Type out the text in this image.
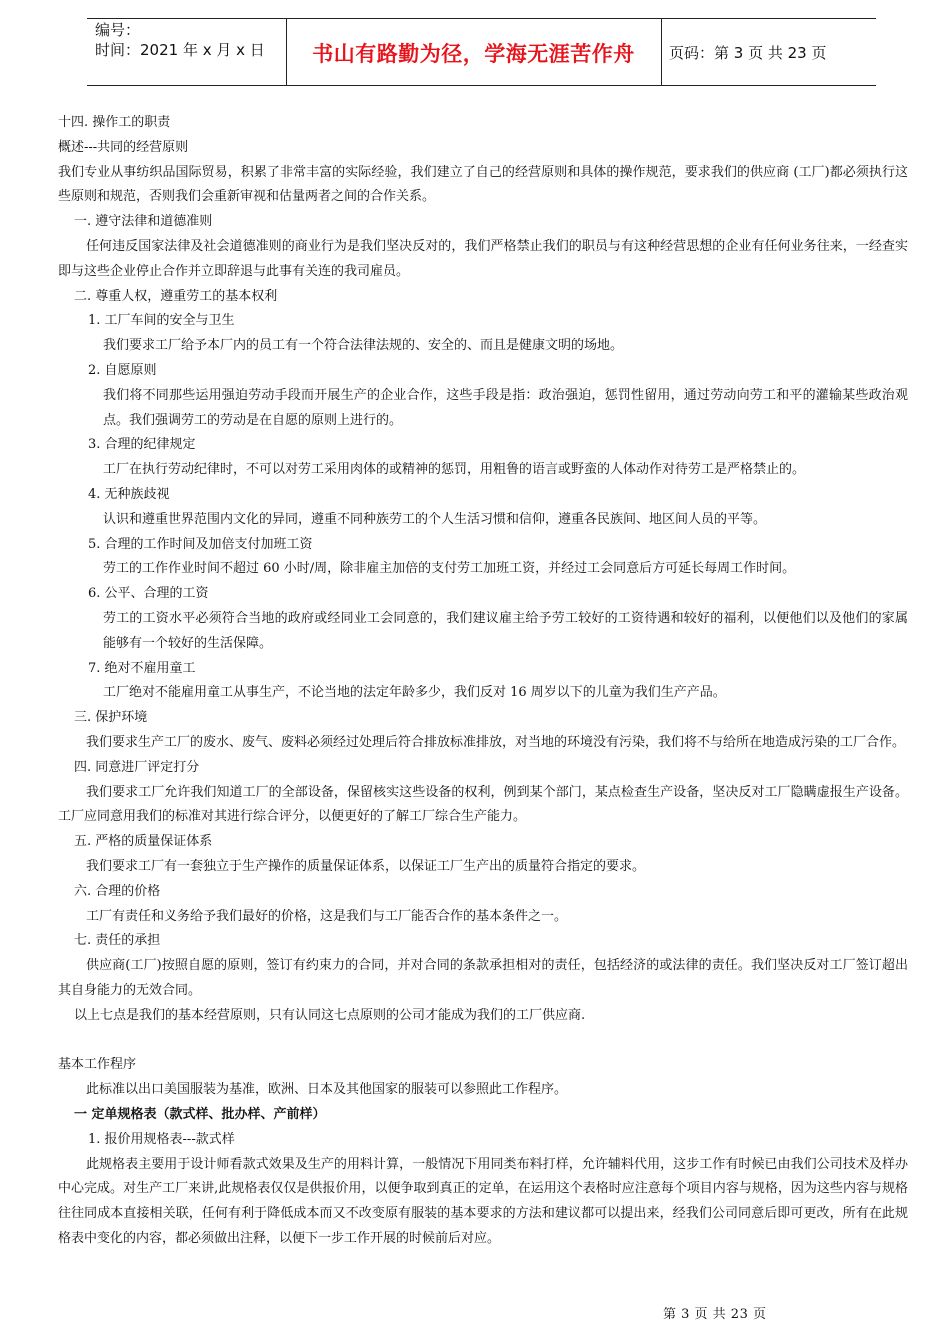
编号：
时间：2021 年 x 月 x 日	书山有路勤为径，学海无涯苦作舟	页码：第 3 页 共 23 页

十四. 操作工的职责

概述---共同的经营原则

我们专业从事纺织品国际贸易，积累了非常丰富的实际经验，我们建立了自己的经营原则和具体的操作规范，要求我们的供应商 (工厂)都必须执行这些原则和规范，否则我们会重新审视和估量两者之间的合作关系。

一. 遵守法律和道德准则

任何违反国家法律及社会道德准则的商业行为是我们坚决反对的，我们严格禁止我们的职员与有这种经营思想的企业有任何业务往来，一经查实即与这些企业停止合作并立即辞退与此事有关连的我司雇员。

二. 尊重人权，遵重劳工的基本权利

1. 工厂车间的安全与卫生

我们要求工厂给予本厂内的员工有一个符合法律法规的、安全的、而且是健康文明的场地。

2. 自愿原则

我们将不同那些运用强迫劳动手段而开展生产的企业合作，这些手段是指：政治强迫，惩罚性留用，通过劳动向劳工和平的灌输某些政治观点。我们强调劳工的劳动是在自愿的原则上进行的。

3. 合理的纪律规定

工厂在执行劳动纪律时，不可以对劳工采用肉体的或精神的惩罚，用粗鲁的语言或野蛮的人体动作对待劳工是严格禁止的。

4. 无种族歧视

认识和遵重世界范围内文化的异同，遵重不同种族劳工的个人生活习惯和信仰，遵重各民族间、地区间人员的平等。

5. 合理的工作时间及加倍支付加班工资

劳工的工作作业时间不超过 60 小时/周，除非雇主加倍的支付劳工加班工资，并经过工会同意后方可延长每周工作时间。

6. 公平、合理的工资

劳工的工资水平必须符合当地的政府或经同业工会同意的，我们建议雇主给予劳工较好的工资待遇和较好的福利，以便他们以及他们的家属能够有一个较好的生活保障。

7. 绝对不雇用童工

工厂绝对不能雇用童工从事生产，不论当地的法定年龄多少，我们反对 16 周岁以下的儿童为我们生产产品。

三. 保护环境

我们要求生产工厂的废水、废气、废料必须经过处理后符合排放标准排放，对当地的环境没有污染，我们将不与给所在地造成污染的工厂合作。

四. 同意进厂评定打分

我们要求工厂允许我们知道工厂的全部设备，保留核实这些设备的权利，例到某个部门，某点检查生产设备，坚决反对工厂隐瞒虚报生产设备。工厂应同意用我们的标准对其进行综合评分，以便更好的了解工厂综合生产能力。

五. 严格的质量保证体系

我们要求工厂有一套独立于生产操作的质量保证体系，以保证工厂生产出的质量符合指定的要求。

六. 合理的价格

工厂有责任和义务给予我们最好的价格，这是我们与工厂能否合作的基本条件之一。

七. 责任的承担

供应商(工厂)按照自愿的原则，签订有约束力的合同，并对合同的条款承担相对的责任，包括经济的或法律的责任。我们坚决反对工厂签订超出其自身能力的无效合同。

以上七点是我们的基本经营原则，只有认同这七点原则的公司才能成为我们的工厂供应商.

基本工作程序

此标准以出口美国服装为基准，欧洲、日本及其他国家的服装可以参照此工作程序。

一 定单规格表（款式样、批办样、产前样）

1. 报价用规格表---款式样

此规格表主要用于设计师看款式效果及生产的用料计算，一般情况下用同类布料打样，允许辅料代用，这步工作有时候已由我们公司技术及样办中心完成。对生产工厂来讲,此规格表仅仅是供报价用，以便争取到真正的定单，在运用这个表格时应注意每个项目内容与规格，因为这些内容与规格往往同成本直接相关联，任何有利于降低成本而又不改变原有服装的基本要求的方法和建议都可以提出来，经我们公司同意后即可更改，所有在此规格表中变化的内容，都必须做出注释，以便下一步工作开展的时候前后对应。

第 3 页 共 23 页
